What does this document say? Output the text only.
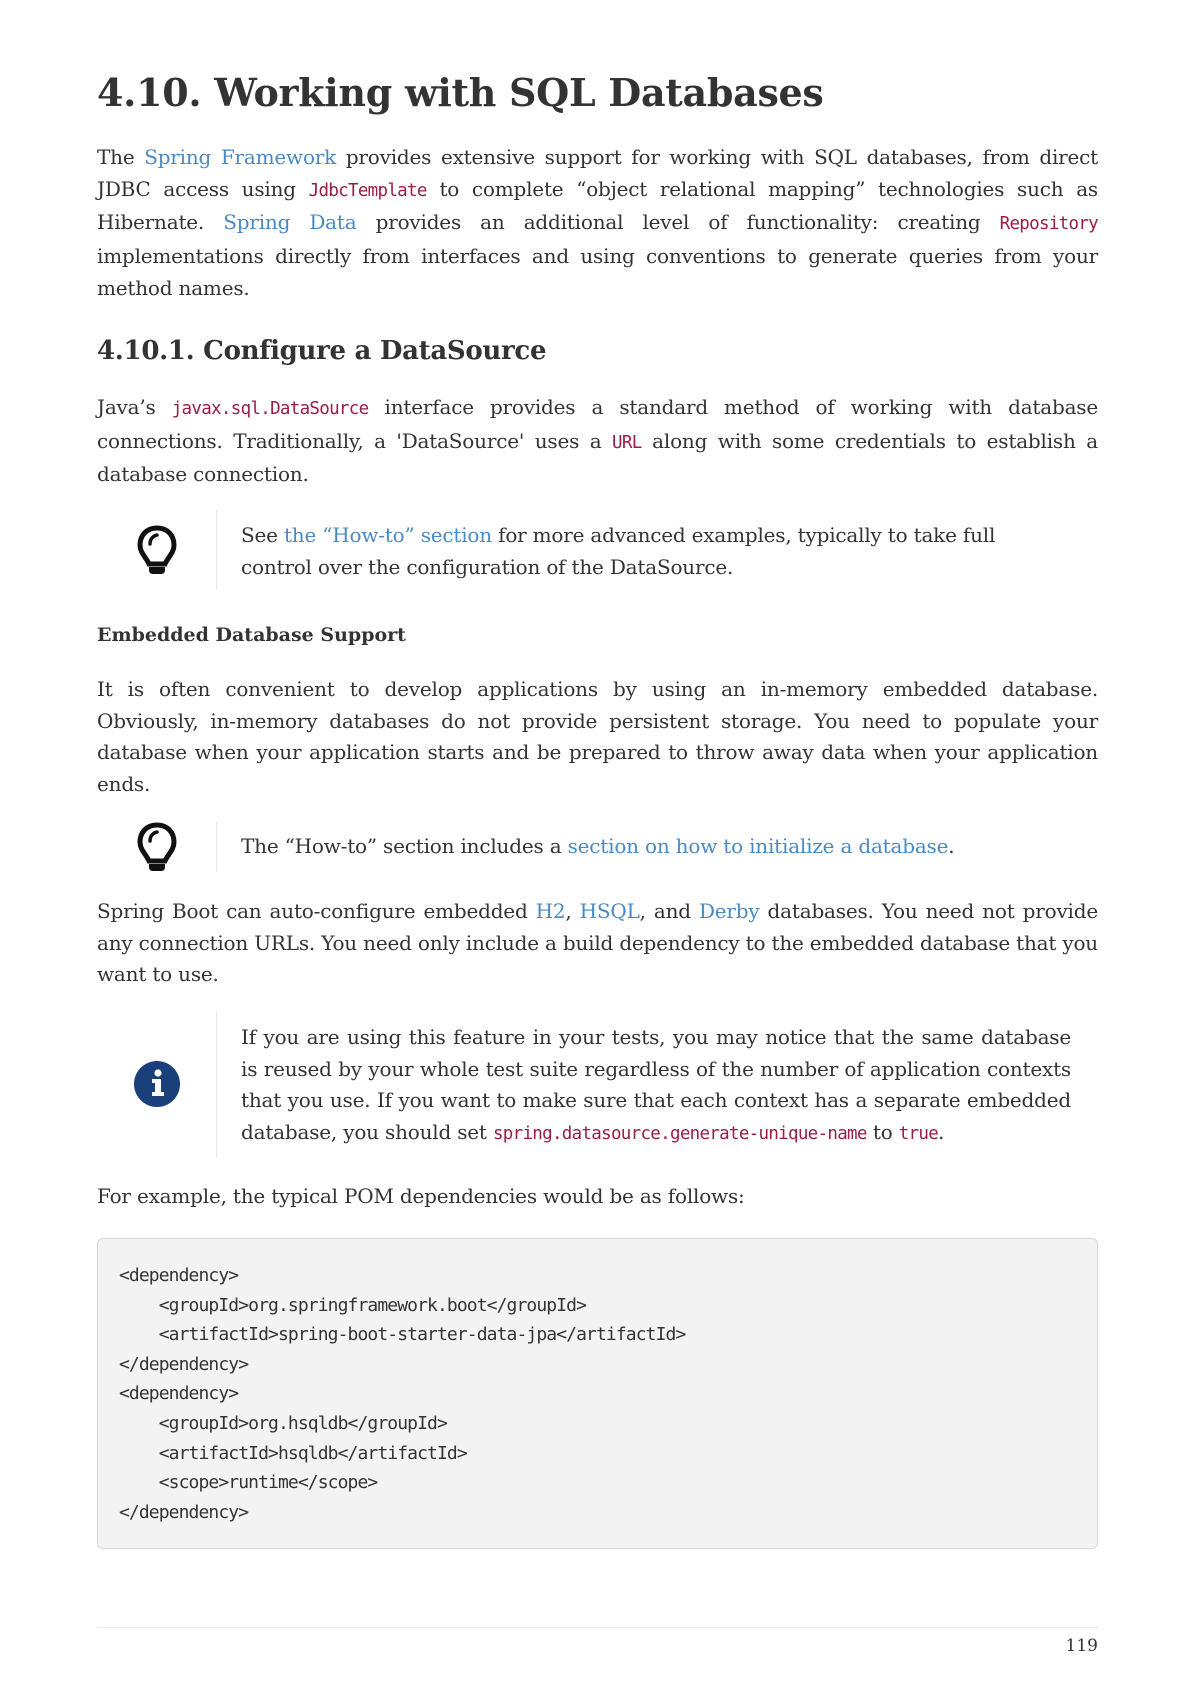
4.10. Working with SQL Databases

The Spring Framework provides extensive support for working with SQL databases, from direct JDBC access using JdbcTemplate to complete “object relational mapping” technologies such as Hibernate. Spring Data provides an additional level of functionality: creating Repository implementations directly from interfaces and using conventions to generate queries from your method names.

4.10.1. Configure a DataSource

Java’s javax.sql.DataSource interface provides a standard method of working with database connections. Traditionally, a 'DataSource' uses a URL along with some credentials to establish a database connection.

See the “How-to” section for more advanced examples, typically to take full control over the configuration of the DataSource.
Embedded Database Support

It is often convenient to develop applications by using an in-memory embedded database. Obviously, in-memory databases do not provide persistent storage. You need to populate your database when your application starts and be prepared to throw away data when your application ends.

The “How-to” section includes a section on how to initialize a database.

Spring Boot can auto-configure embedded H2, HSQL, and Derby databases. You need not provide any connection URLs. You need only include a build dependency to the embedded database that you want to use.

If you are using this feature in your tests, you may notice that the same database is reused by your whole test suite regardless of the number of application contexts that you use. If you want to make sure that each context has a separate embedded database, you should set spring.datasource.generate-unique-name to true.

For example, the typical POM dependencies would be as follows:

<dependency>
<groupId>org.springframework.boot</groupId>
<artifactId>spring-boot-starter-data-jpa</artifactId>
</dependency>
<dependency>
<groupId>org.hsqldb</groupId>
<artifactId>hsqldb</artifactId>
<scope>runtime</scope>
</dependency>
119
